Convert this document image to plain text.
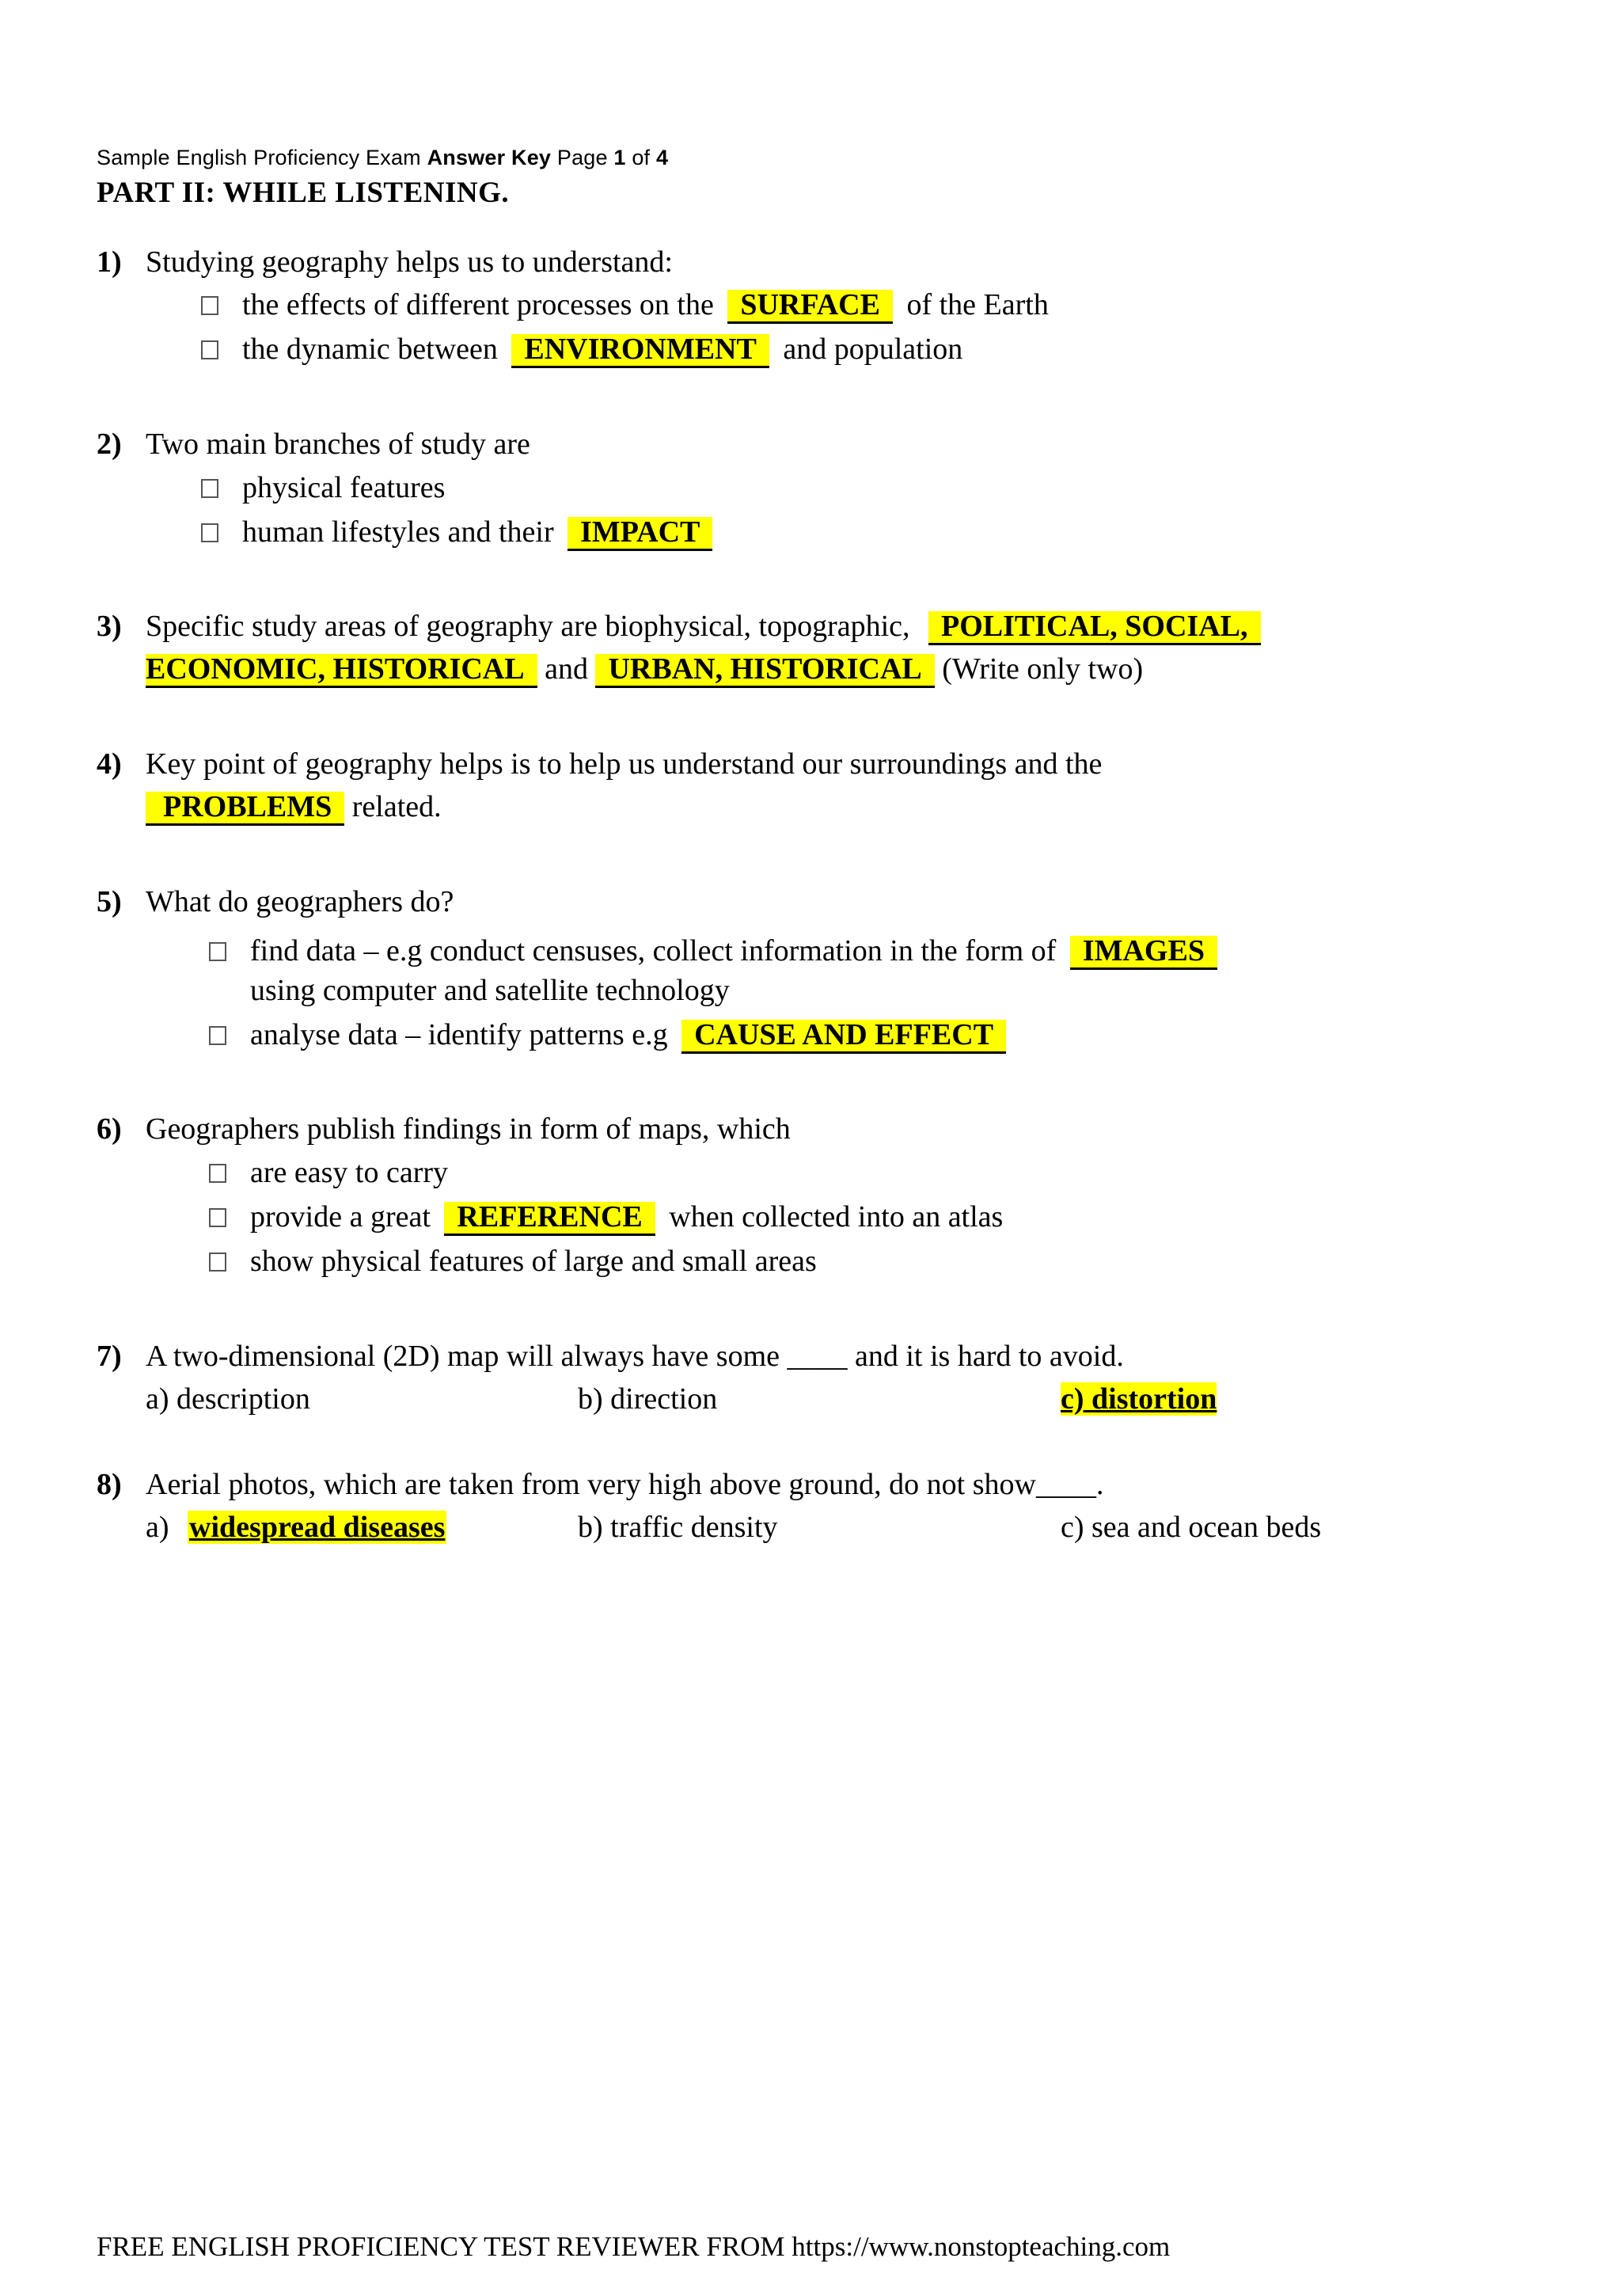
Sample English Proficiency Exam Answer Key Page 1 of 4
PART II: WHILE LISTENING.
1) Studying geography helps us to understand:
the effects of different processes on the SURFACE of the Earth
the dynamic between ENVIRONMENT and population
2) Two main branches of study are
physical features
human lifestyles and their IMPACT
3) Specific study areas of geography are biophysical, topographic, POLITICAL, SOCIAL,
ECONOMIC, HISTORICAL and URBAN, HISTORICAL (Write only two)
4) Key point of geography helps is to help us understand our surroundings and the
PROBLEMS related.
5) What do geographers do?
find data – e.g conduct censuses, collect information in the form of IMAGES
using computer and satellite technology
analyse data – identify patterns e.g CAUSE AND EFFECT
6) Geographers publish findings in form of maps, which
are easy to carry
provide a great REFERENCE when collected into an atlas
show physical features of large and small areas
7) A two-dimensional (2D) map will always have some ____ and it is hard to avoid.
a) description	b) direction	c) distortion
8) Aerial photos, which are taken from very high above ground, do not show____.
a) widespread diseases	b) traffic density	c) sea and ocean beds
FREE ENGLISH PROFICIENCY TEST REVIEWER FROM https://www.nonstopteaching.com
